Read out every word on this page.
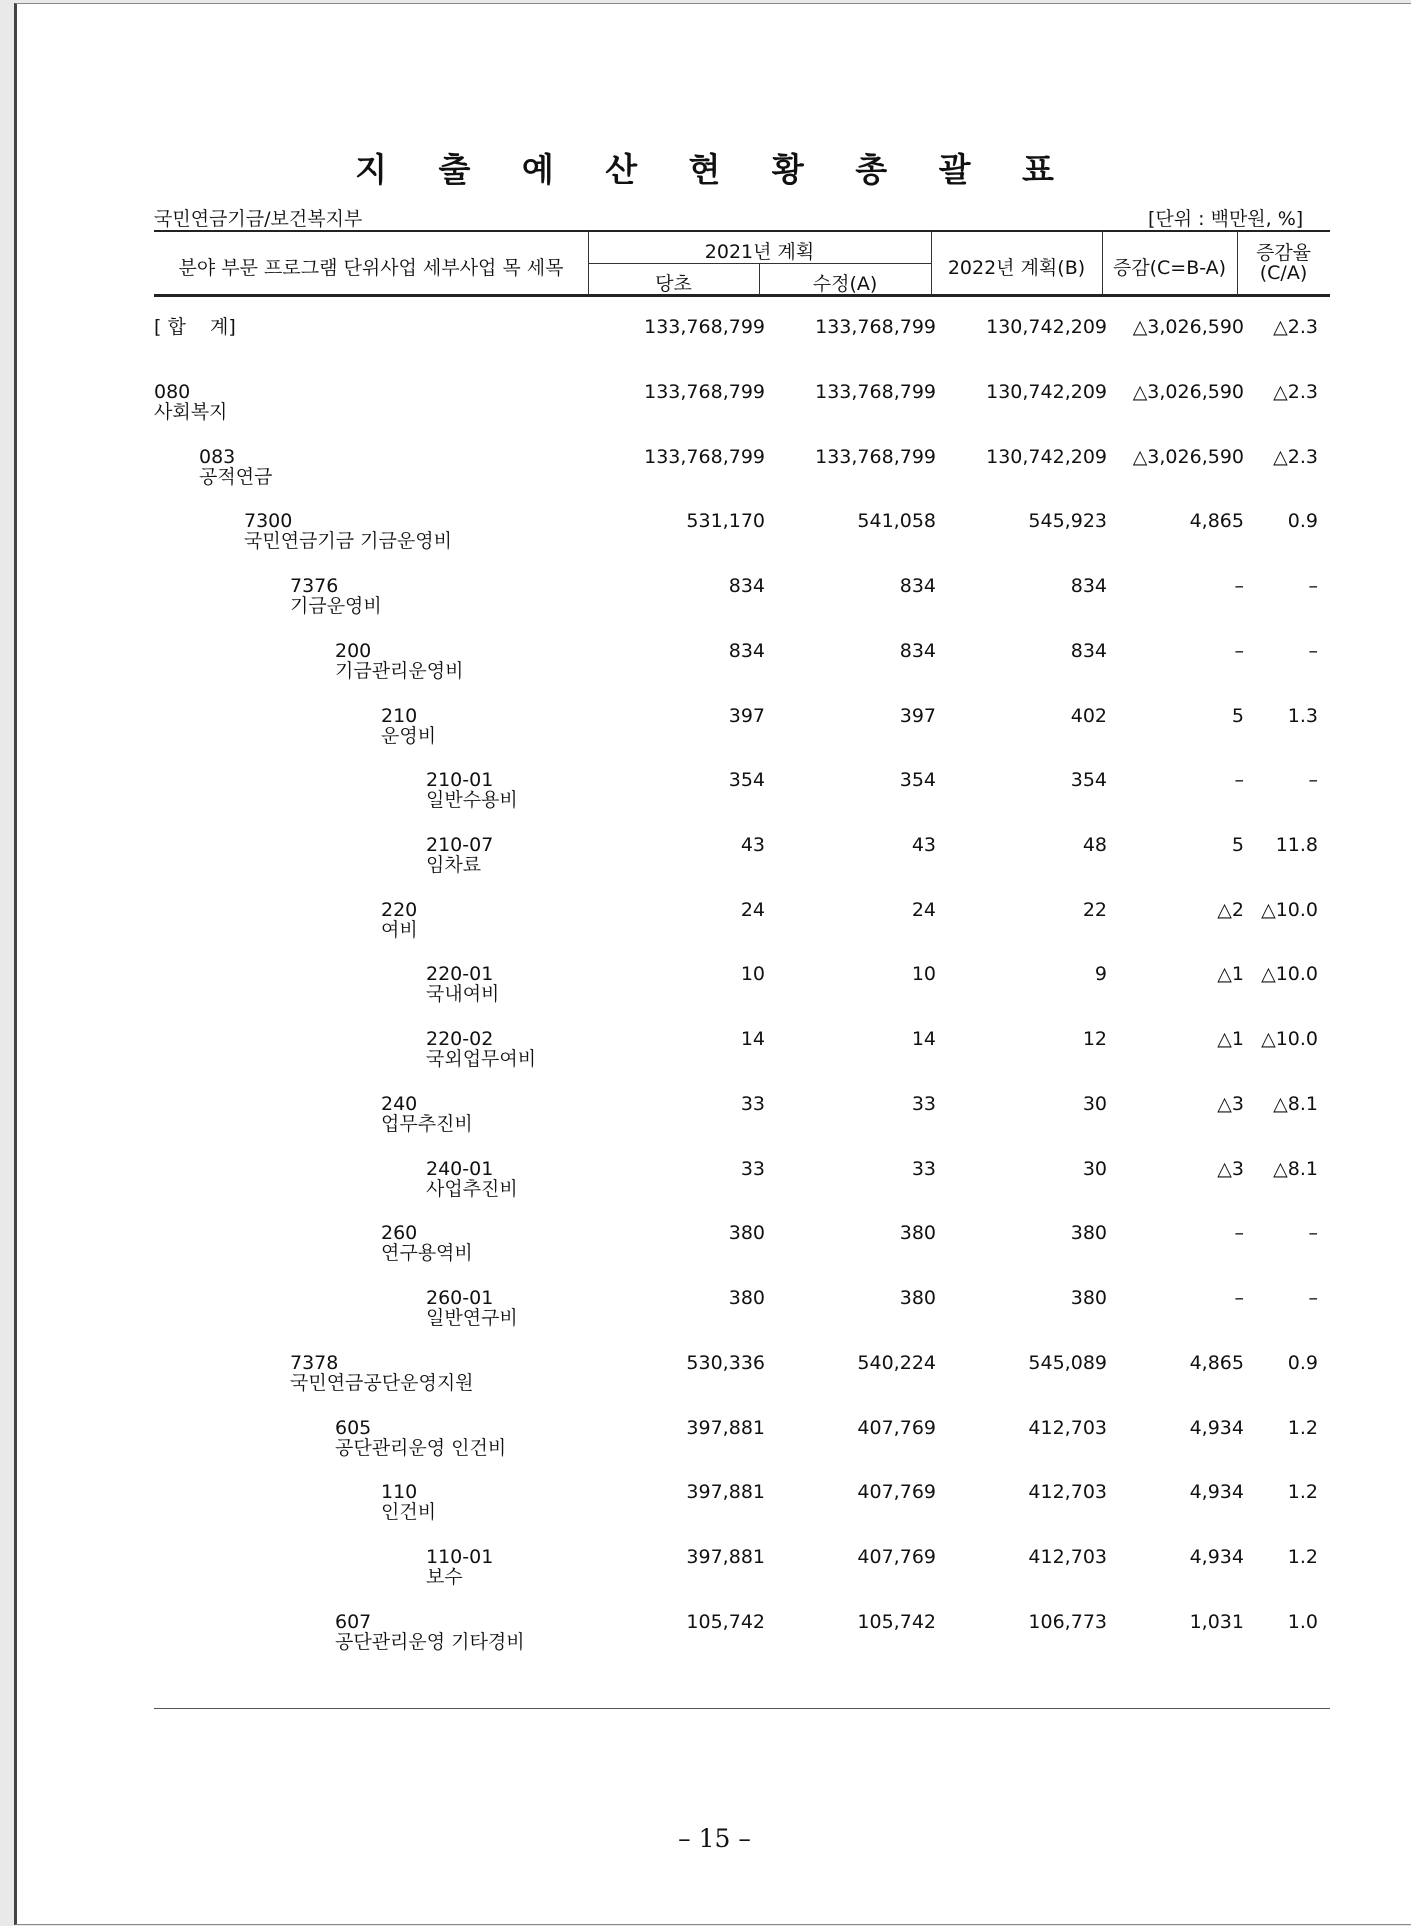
지 출 예 산 현 황 총 괄 표
국민연금기금/보건복지부	[단위 : 백만원, %]
분야 부문 프로그램 단위사업 세부사업 목 세목
2021년 계획
당초	수정(A)
2022년 계획(B)	증감(C=B-A)
증감율
(C/A)
[ 합    계]	133,768,799	133,768,799	130,742,209	△3,026,590	△2.3
080
사회복지
133,768,799	133,768,799	130,742,209	△3,026,590	△2.3
083
공적연금
133,768,799	133,768,799	130,742,209	△3,026,590	△2.3
7300
국민연금기금 기금운영비
531,170	541,058	545,923	4,865	0.9
7376
기금운영비
834	834	834	–	–
200
기금관리운영비
834	834	834	–	–
210
운영비
397	397	402	5	1.3
210-01
일반수용비
354	354	354	–	–
210-07
임차료
43	43	48	5	11.8
220
여비
24	24	22	△2 △10.0
220-01
국내여비
10	10	9	△1 △10.0
220-02
국외업무여비
14	14	12	△1 △10.0
240
업무추진비
33	33	30	△3	△8.1
240-01
사업추진비
33	33	30	△3	△8.1
260
연구용역비
380	380	380	–	–
260-01
일반연구비
380	380	380	–	–
7378
국민연금공단운영지원
530,336	540,224	545,089	4,865	0.9
605
공단관리운영 인건비
397,881	407,769	412,703	4,934	1.2
110
인건비
397,881	407,769	412,703	4,934	1.2
110-01
보수
397,881	407,769	412,703	4,934	1.2
607
공단관리운영 기타경비
105,742	105,742	106,773	1,031	1.0
– 15 –
